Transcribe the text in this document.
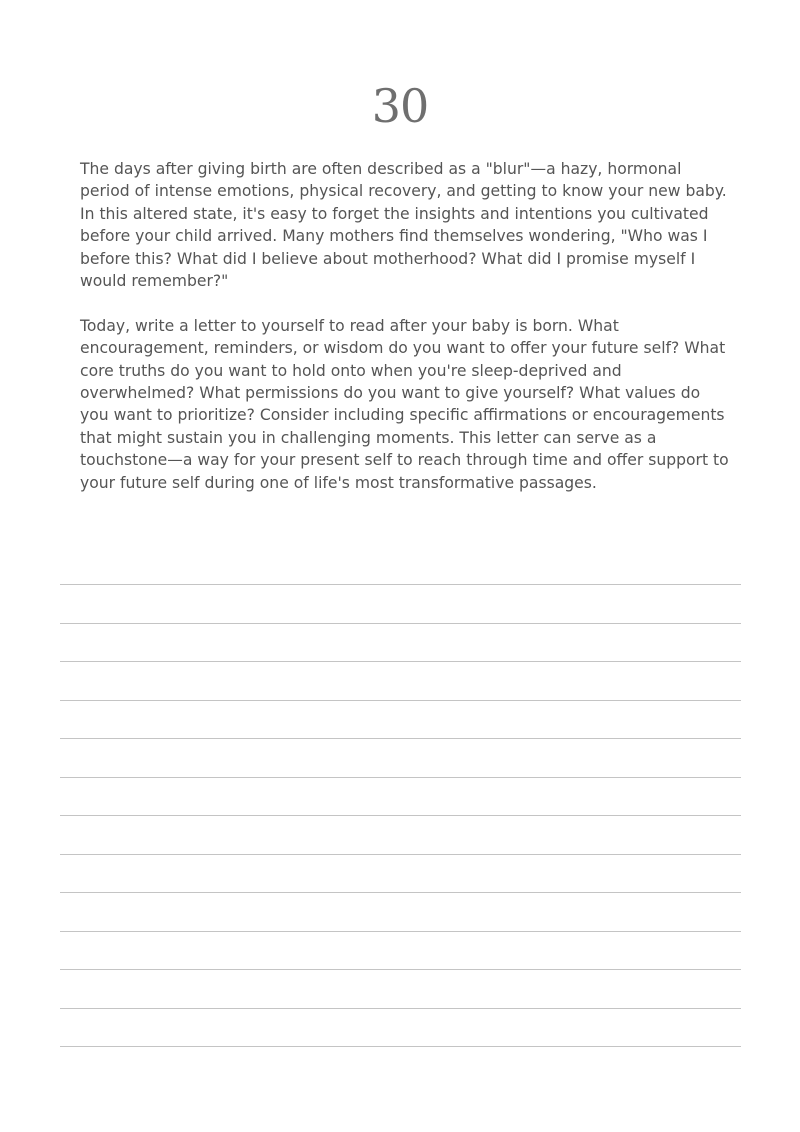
30

The days after giving birth are often described as a "blur"—a hazy, hormonal period of intense emotions, physical recovery, and getting to know your new baby. In this altered state, it's easy to forget the insights and intentions you cultivated before your child arrived. Many mothers find themselves wondering, "Who was I before this? What did I believe about motherhood? What did I promise myself I would remember?"

Today, write a letter to yourself to read after your baby is born. What encouragement, reminders, or wisdom do you want to offer your future self? What core truths do you want to hold onto when you're sleep-deprived and overwhelmed? What permissions do you want to give yourself? What values do you want to prioritize? Consider including specific affirmations or encouragements that might sustain you in challenging moments. This letter can serve as a touchstone—a way for your present self to reach through time and offer support to your future self during one of life's most transformative passages.
